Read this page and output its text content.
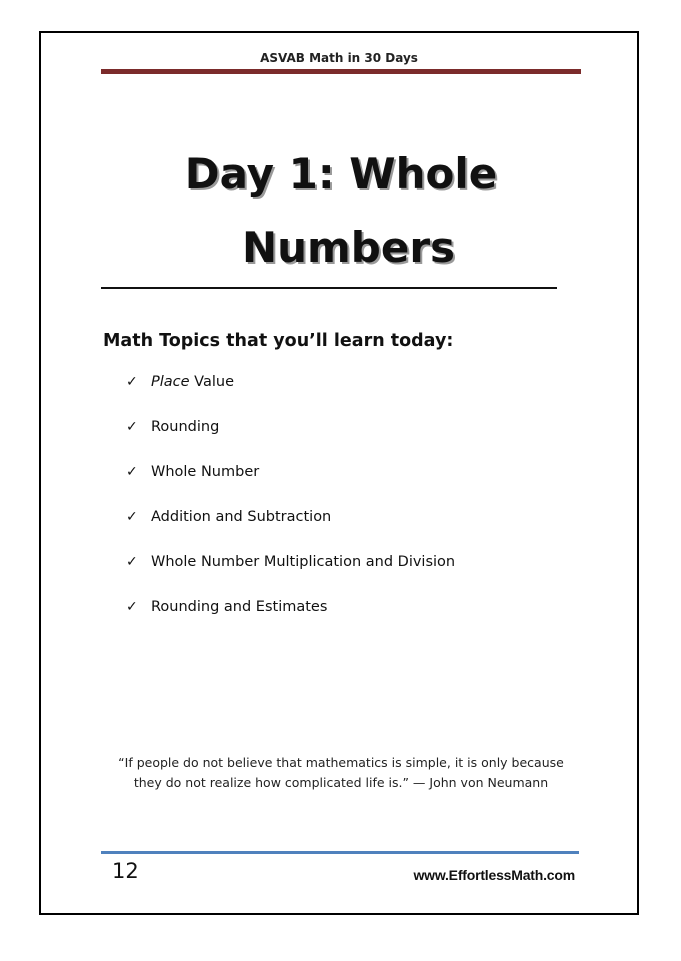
ASVAB Math in 30 Days
Day 1: Whole
Numbers
Math Topics that you’ll learn today:
✓ Place Value
✓ Rounding
✓ Whole Number
✓ Addition and Subtraction
✓ Whole Number Multiplication and Division
✓ Rounding and Estimates
“If people do not believe that mathematics is simple, it is only because
they do not realize how complicated life is.” — John von Neumann
12	www.EffortlessMath.com
